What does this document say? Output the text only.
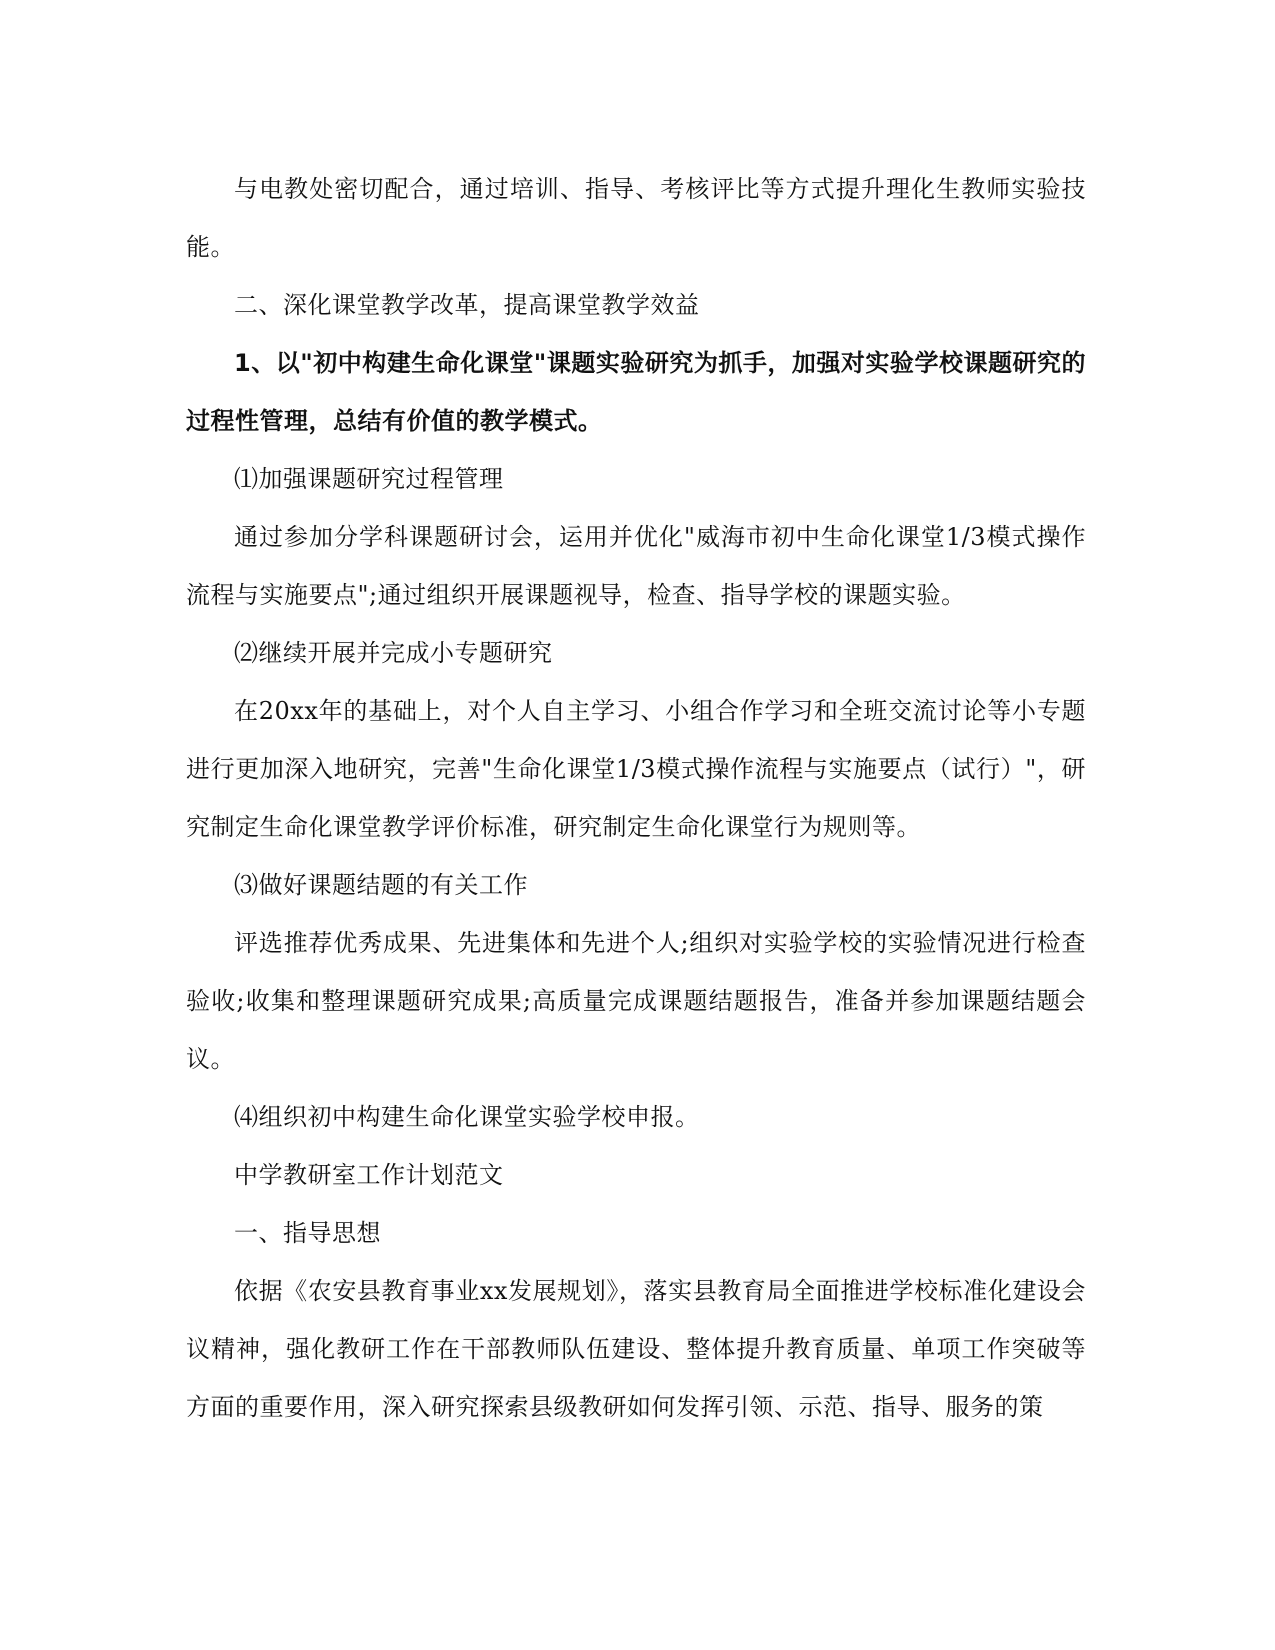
与电教处密切配合，通过培训、指导、考核评比等方式提升理化生教师实验技能。

二、深化课堂教学改革，提高课堂教学效益

1、以"初中构建生命化课堂"课题实验研究为抓手，加强对实验学校课题研究的过程性管理，总结有价值的教学模式。

⑴加强课题研究过程管理

通过参加分学科课题研讨会，运用并优化"威海市初中生命化课堂1/3模式操作流程与实施要点";通过组织开展课题视导，检查、指导学校的课题实验。

⑵继续开展并完成小专题研究

在20xx年的基础上，对个人自主学习、小组合作学习和全班交流讨论等小专题进行更加深入地研究，完善"生命化课堂1/3模式操作流程与实施要点（试行）"，研究制定生命化课堂教学评价标准，研究制定生命化课堂行为规则等。

⑶做好课题结题的有关工作

评选推荐优秀成果、先进集体和先进个人;组织对实验学校的实验情况进行检查验收;收集和整理课题研究成果;高质量完成课题结题报告，准备并参加课题结题会议。

⑷组织初中构建生命化课堂实验学校申报。

中学教研室工作计划范文

一、指导思想

依据《农安县教育事业xx发展规划》，落实县教育局全面推进学校标准化建设会议精神，强化教研工作在干部教师队伍建设、整体提升教育质量、单项工作突破等方面的重要作用，深入研究探索县级教研如何发挥引领、示范、指导、服务的策
